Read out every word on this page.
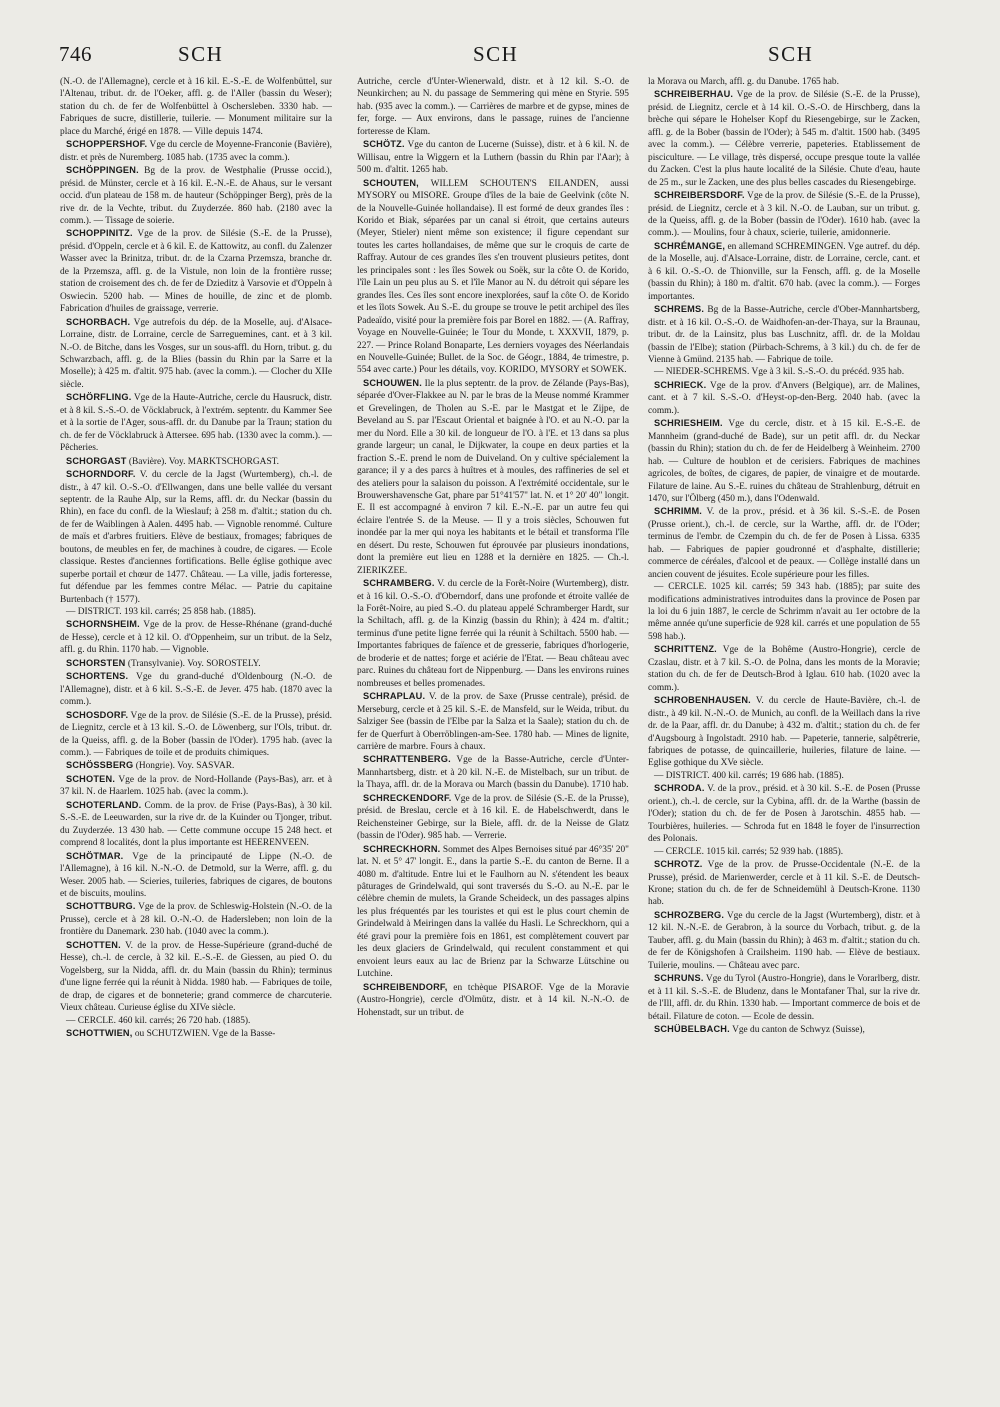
746	SCH	SCH	SCH

(N.-O. de l'Allemagne), cercle et à 16 kil. E.-S.-E. de Wolfenbüttel, sur l'Altenau, tribut. dr. de l'Oeker, affl. g. de l'Aller (bassin du Weser); station du ch. de fer de Wolfenbüttel à Oschersleben. 3330 hab. — Fabriques de sucre, distillerie, tuilerie. — Monument militaire sur la place du Marché, érigé en 1878. — Ville depuis 1474.

SCHOPPERSHOF. Vge du cercle de Moyenne-Franconie (Bavière), distr. et près de Nuremberg. 1085 hab. (1735 avec la comm.).

SCHÖPPINGEN. Bg de la prov. de Westphalie (Prusse occid.), présid. de Münster, cercle et à 16 kil. E.-N.-E. de Ahaus, sur le versant occid. d'un plateau de 158 m. de hauteur (Schöppinger Berg), près de la rive dr. de la Vechte, tribut. du Zuyderzée. 860 hab. (2180 avec la comm.). — Tissage de soierie.

SCHOPPINITZ. Vge de la prov. de Silésie (S.-E. de la Prusse), présid. d'Oppeln, cercle et à 6 kil. E. de Kattowitz, au confl. du Zalenzer Wasser avec la Brinitza, tribut. dr. de la Czarna Przemsza, branche dr. de la Przemsza, affl. g. de la Vistule, non loin de la frontière russe; station de croisement des ch. de fer de Dzieditz à Varsovie et d'Oppeln à Oswiecin. 5200 hab. — Mines de houille, de zinc et de plomb. Fabrication d'huiles de graissage, verrerie.

SCHORBACH. Vge autrefois du dép. de la Moselle, auj. d'Alsace-Lorraine, distr. de Lorraine, cercle de Sarreguemines, cant. et à 3 kil. N.-O. de Bitche, dans les Vosges, sur un sous-affl. du Horn, tribut. g. du Schwarzbach, affl. g. de la Blies (bassin du Rhin par la Sarre et la Moselle); à 425 m. d'altit. 975 hab. (avec la comm.). — Clocher du XIIe siècle.

SCHÖRFLING. Vge de la Haute-Autriche, cercle du Hausruck, distr. et à 8 kil. S.-S.-O. de Vöcklabruck, à l'extrém. septentr. du Kammer See et à la sortie de l'Ager, sous-affl. dr. du Danube par la Traun; station du ch. de fer de Vöcklabruck à Attersee. 695 hab. (1330 avec la comm.). — Pêcheries.

SCHORGAST (Bavière). Voy. MARKTSCHORGAST.

SCHORNDORF. V. du cercle de la Jagst (Wurtemberg), ch.-l. de distr., à 47 kil. O.-S.-O. d'Ellwangen, dans une belle vallée du versant septentr. de la Rauhe Alp, sur la Rems, affl. dr. du Neckar (bassin du Rhin), en face du confl. de la Wieslauf; à 258 m. d'altit.; station du ch. de fer de Waiblingen à Aalen. 4495 hab. — Vignoble renommé. Culture de maïs et d'arbres fruitiers. Elève de bestiaux, fromages; fabriques de boutons, de meubles en fer, de machines à coudre, de cigares. — Ecole classique. Restes d'anciennes fortifications. Belle église gothique avec superbe portail et chœur de 1477. Château. — La ville, jadis forteresse, fut défendue par les femmes contre Mélac. — Patrie du capitaine Burtenbach († 1577).

— DISTRICT. 193 kil. carrés; 25 858 hab. (1885).

SCHORNSHEIM. Vge de la prov. de Hesse-Rhénane (grand-duché de Hesse), cercle et à 12 kil. O. d'Oppenheim, sur un tribut. de la Selz, affl. g. du Rhin. 1170 hab. — Vignoble.

SCHORSTEN (Transylvanie). Voy. SOROSTELY.

SCHORTENS. Vge du grand-duché d'Oldenbourg (N.-O. de l'Allemagne), distr. et à 6 kil. S.-S.-E. de Jever. 475 hab. (1870 avec la comm.).

SCHOSDORF. Vge de la prov. de Silésie (S.-E. de la Prusse), présid. de Liegnitz, cercle et à 13 kil. S.-O. de Löwenberg, sur l'Ols, tribut. dr. de la Queiss, affl. g. de la Bober (bassin de l'Oder). 1795 hab. (avec la comm.). — Fabriques de toile et de produits chimiques.

SCHÖSSBERG (Hongrie). Voy. SASVAR.

SCHOTEN. Vge de la prov. de Nord-Hollande (Pays-Bas), arr. et à 37 kil. N. de Haarlem. 1025 hab. (avec la comm.).

SCHOTERLAND. Comm. de la prov. de Frise (Pays-Bas), à 30 kil. S.-S.-E. de Leeuwarden, sur la rive dr. de la Kuinder ou Tjonger, tribut. du Zuyderzée. 13 430 hab. — Cette commune occupe 15 248 hect. et comprend 8 localités, dont la plus importante est HEERENVEEN.

SCHÖTMAR. Vge de la principauté de Lippe (N.-O. de l'Allemagne), à 16 kil. N.-N.-O. de Detmold, sur la Werre, affl. g. du Weser. 2005 hab. — Scieries, tuileries, fabriques de cigares, de boutons et de biscuits, moulins.

SCHOTTBURG. Vge de la prov. de Schleswig-Holstein (N.-O. de la Prusse), cercle et à 28 kil. O.-N.-O. de Hadersleben; non loin de la frontière du Danemark. 230 hab. (1040 avec la comm.).

SCHOTTEN. V. de la prov. de Hesse-Supérieure (grand-duché de Hesse), ch.-l. de cercle, à 32 kil. E.-S.-E. de Giessen, au pied O. du Vogelsberg, sur la Nidda, affl. dr. du Main (bassin du Rhin); terminus d'une ligne ferrée qui la réunit à Nidda. 1980 hab. — Fabriques de toile, de drap, de cigares et de bonneterie; grand commerce de charcuterie. Vieux château. Curieuse église du XIVe siècle.

— CERCLE. 460 kil. carrés; 26 720 hab. (1885).

SCHOTTWIEN, ou SCHUTZWIEN. Vge de la Basse-

Autriche, cercle d'Unter-Wienerwald, distr. et à 12 kil. S.-O. de Neunkirchen; au N. du passage de Semmering qui mène en Styrie. 595 hab. (935 avec la comm.). — Carrières de marbre et de gypse, mines de fer, forge. — Aux environs, dans le passage, ruines de l'ancienne forteresse de Klam.

SCHÖTZ. Vge du canton de Lucerne (Suisse), distr. et à 6 kil. N. de Willisau, entre la Wiggern et la Luthern (bassin du Rhin par l'Aar); à 500 m. d'altit. 1265 hab.

SCHOUTEN, WILLEM SCHOUTEN'S EILANDEN, aussi MYSORY ou MISORE. Groupe d'îles de la baie de Geelvink (côte N. de la Nouvelle-Guinée hollandaise). Il est formé de deux grandes îles : Korido et Biak, séparées par un canal si étroit, que certains auteurs (Meyer, Stieler) nient même son existence; il figure cependant sur toutes les cartes hollandaises, de même que sur le croquis de carte de Raffray. Autour de ces grandes îles s'en trouvent plusieurs petites, dont les principales sont : les îles Sowek ou Soëk, sur la côte O. de Korido, l'île Lain un peu plus au S. et l'île Manor au N. du détroit qui sépare les grandes îles. Ces îles sont encore inexplorées, sauf la côte O. de Korido et les îlots Sowek. Au S.-E. du groupe se trouve le petit archipel des îles Padeaïdo, visité pour la première fois par Borel en 1882. — (A. Raffray, Voyage en Nouvelle-Guinée; le Tour du Monde, t. XXXVII, 1879, p. 227. — Prince Roland Bonaparte, Les derniers voyages des Néerlandais en Nouvelle-Guinée; Bullet. de la Soc. de Géogr., 1884, 4e trimestre, p. 554 avec carte.) Pour les détails, voy. KORIDO, MYSORY et SOWEK.

SCHOUWEN. Ile la plus septentr. de la prov. de Zélande (Pays-Bas), séparée d'Over-Flakkee au N. par le bras de la Meuse nommé Krammer et Grevelingen, de Tholen au S.-E. par le Mastgat et le Zijpe, de Beveland au S. par l'Escaut Oriental et baignée à l'O. et au N.-O. par la mer du Nord. Elle a 30 kil. de longueur de l'O. à l'E. et 13 dans sa plus grande largeur; un canal, le Dijkwater, la coupe en deux parties et la fraction S.-E. prend le nom de Duiveland. On y cultive spécialement la garance; il y a des parcs à huîtres et à moules, des raffineries de sel et des ateliers pour la salaison du poisson. A l'extrémité occidentale, sur le Brouwershavensche Gat, phare par 51°41'57" lat. N. et 1° 20' 40" longit. E. Il est accompagné à environ 7 kil. E.-N.-E. par un autre feu qui éclaire l'entrée S. de la Meuse. — Il y a trois siècles, Schouwen fut inondée par la mer qui noya les habitants et le bétail et transforma l'île en désert. Du reste, Schouwen fut éprouvée par plusieurs inondations, dont la première eut lieu en 1288 et la dernière en 1825. — Ch.-l. ZIERIKZEE.

SCHRAMBERG. V. du cercle de la Forêt-Noire (Wurtemberg), distr. et à 16 kil. O.-S.-O. d'Oberndorf, dans une profonde et étroite vallée de la Forêt-Noire, au pied S.-O. du plateau appelé Schramberger Hardt, sur la Schiltach, affl. g. de la Kinzig (bassin du Rhin); à 424 m. d'altit.; terminus d'une petite ligne ferrée qui la réunit à Schiltach. 5500 hab. — Importantes fabriques de faïence et de gresserie, fabriques d'horlogerie, de broderie et de nattes; forge et aciérie de l'Etat. — Beau château avec parc. Ruines du château fort de Nippenburg. — Dans les environs ruines nombreuses et belles promenades.

SCHRAPLAU. V. de la prov. de Saxe (Prusse centrale), présid. de Merseburg, cercle et à 25 kil. S.-E. de Mansfeld, sur le Weida, tribut. du Salziger See (bassin de l'Elbe par la Salza et la Saale); station du ch. de fer de Querfurt à Oberröblingen-am-See. 1780 hab. — Mines de lignite, carrière de marbre. Fours à chaux.

SCHRATTENBERG. Vge de la Basse-Autriche, cercle d'Unter-Mannhartsberg, distr. et à 20 kil. N.-E. de Mistelbach, sur un tribut. de la Thaya, affl. dr. de la Morava ou March (bassin du Danube). 1710 hab.

SCHRECKENDORF. Vge de la prov. de Silésie (S.-E. de la Prusse), présid. de Breslau, cercle et à 16 kil. E. de Habelschwerdt, dans le Reichensteiner Gebirge, sur la Biele, affl. dr. de la Neisse de Glatz (bassin de l'Oder). 985 hab. — Verrerie.

SCHRECKHORN. Sommet des Alpes Bernoises situé par 46°35' 20" lat. N. et 5° 47' longit. E., dans la partie S.-E. du canton de Berne. Il a 4080 m. d'altitude. Entre lui et le Faulhorn au N. s'étendent les beaux pâturages de Grindelwald, qui sont traversés du S.-O. au N.-E. par le célèbre chemin de mulets, la Grande Scheideck, un des passages alpins les plus fréquentés par les touristes et qui est le plus court chemin de Grindelwald à Meiringen dans la vallée du Hasli. Le Schreckhorn, qui a été gravi pour la première fois en 1861, est complètement couvert par les deux glaciers de Grindelwald, qui reculent constamment et qui envoient leurs eaux au lac de Brienz par la Schwarze Lütschine ou Lutchine.

SCHREIBENDORF, en tchèque PISAROF. Vge de la Moravie (Austro-Hongrie), cercle d'Olmütz, distr. et à 14 kil. N.-N.-O. de Hohenstadt, sur un tribut. de

la Morava ou March, affl. g. du Danube. 1765 hab.

SCHREIBERHAU. Vge de la prov. de Silésie (S.-E. de la Prusse), présid. de Liegnitz, cercle et à 14 kil. O.-S.-O. de Hirschberg, dans la brèche qui sépare le Hohelser Kopf du Riesengebirge, sur le Zacken, affl. g. de la Bober (bassin de l'Oder); à 545 m. d'altit. 1500 hab. (3495 avec la comm.). — Célèbre verrerie, papeteries. Etablissement de pisciculture. — Le village, très dispersé, occupe presque toute la vallée du Zacken. C'est la plus haute localité de la Silésie. Chute d'eau, haute de 25 m., sur le Zacken, une des plus belles cascades du Riesengebirge.

SCHREIBERSDORF. Vge de la prov. de Silésie (S.-E. de la Prusse), présid. de Liegnitz, cercle et à 3 kil. N.-O. de Lauban, sur un tribut. g. de la Queiss, affl. g. de la Bober (bassin de l'Oder). 1610 hab. (avec la comm.). — Moulins, four à chaux, scierie, tuilerie, amidonnerie.

SCHRÉMANGE, en allemand SCHREMINGEN. Vge autref. du dép. de la Moselle, auj. d'Alsace-Lorraine, distr. de Lorraine, cercle, cant. et à 6 kil. O.-S.-O. de Thionville, sur la Fensch, affl. g. de la Moselle (bassin du Rhin); à 180 m. d'altit. 670 hab. (avec la comm.). — Forges importantes.

SCHREMS. Bg de la Basse-Autriche, cercle d'Ober-Mannhartsberg, distr. et à 16 kil. O.-S.-O. de Waidhofen-an-der-Thaya, sur la Braunau, tribut. dr. de la Lainsitz, plus bas Luschnitz, affl. dr. de la Moldau (bassin de l'Elbe); station (Pürbach-Schrems, à 3 kil.) du ch. de fer de Vienne à Gmünd. 2135 hab. — Fabrique de toile.

— NIEDER-SCHREMS. Vge à 3 kil. S.-S.-O. du précéd. 935 hab.

SCHRIECK. Vge de la prov. d'Anvers (Belgique), arr. de Malines, cant. et à 7 kil. S.-S.-O. d'Heyst-op-den-Berg. 2040 hab. (avec la comm.).

SCHRIESHEIM. Vge du cercle, distr. et à 15 kil. E.-S.-E. de Mannheim (grand-duché de Bade), sur un petit affl. dr. du Neckar (bassin du Rhin); station du ch. de fer de Heidelberg à Weinheim. 2700 hab. — Culture de houblon et de cerisiers. Fabriques de machines agricoles, de boîtes, de cigares, de papier, de vinaigre et de moutarde. Filature de laine. Au S.-E. ruines du château de Strahlenburg, détruit en 1470, sur l'Ölberg (450 m.), dans l'Odenwald.

SCHRIMM. V. de la prov., présid. et à 36 kil. S.-S.-E. de Posen (Prusse orient.), ch.-l. de cercle, sur la Warthe, affl. dr. de l'Oder; terminus de l'embr. de Czempin du ch. de fer de Posen à Lissa. 6335 hab. — Fabriques de papier goudronné et d'asphalte, distillerie; commerce de céréales, d'alcool et de peaux. — Collège installé dans un ancien couvent de jésuites. Ecole supérieure pour les filles.

— CERCLE. 1025 kil. carrés; 59 343 hab. (1885); par suite des modifications administratives introduites dans la province de Posen par la loi du 6 juin 1887, le cercle de Schrimm n'avait au 1er octobre de la même année qu'une superficie de 928 kil. carrés et une population de 55 598 hab.).

SCHRITTENZ. Vge de la Bohême (Austro-Hongrie), cercle de Czaslau, distr. et à 7 kil. S.-O. de Polna, dans les monts de la Moravie; station du ch. de fer de Deutsch-Brod à Iglau. 610 hab. (1020 avec la comm.).

SCHROBENHAUSEN. V. du cercle de Haute-Bavière, ch.-l. de distr., à 49 kil. N.-N.-O. de Munich, au confl. de la Weillach dans la rive dr. de la Paar, affl. dr. du Danube; à 432 m. d'altit.; station du ch. de fer d'Augsbourg à Ingolstadt. 2910 hab. — Papeterie, tannerie, salpêtrerie, fabriques de potasse, de quincaillerie, huileries, filature de laine. — Eglise gothique du XVe siècle.

— DISTRICT. 400 kil. carrés; 19 686 hab. (1885).

SCHRODA. V. de la prov., présid. et à 30 kil. S.-E. de Posen (Prusse orient.), ch.-l. de cercle, sur la Cybina, affl. dr. de la Warthe (bassin de l'Oder); station du ch. de fer de Posen à Jarotschin. 4855 hab. — Tourbières, huileries. — Schroda fut en 1848 le foyer de l'insurrection des Polonais.

— CERCLE. 1015 kil. carrés; 52 939 hab. (1885).

SCHROTZ. Vge de la prov. de Prusse-Occidentale (N.-E. de la Prusse), présid. de Marienwerder, cercle et à 11 kil. S.-E. de Deutsch-Krone; station du ch. de fer de Schneidemühl à Deutsch-Krone. 1130 hab.

SCHROZBERG. Vge du cercle de la Jagst (Wurtemberg), distr. et à 12 kil. N.-N.-E. de Gerabron, à la source du Vorbach, tribut. g. de la Tauber, affl. g. du Main (bassin du Rhin); à 463 m. d'altit.; station du ch. de fer de Königshofen à Crailsheim. 1190 hab. — Elève de bestiaux. Tuilerie, moulins. — Château avec parc.

SCHRUNS. Vge du Tyrol (Austro-Hongrie), dans le Vorarlberg, distr. et à 11 kil. S.-S.-E. de Bludenz, dans le Montafaner Thal, sur la rive dr. de l'Ill, affl. dr. du Rhin. 1330 hab. — Important commerce de bois et de bétail. Filature de coton. — Ecole de dessin.

SCHÜBELBACH. Vge du canton de Schwyz (Suisse),
